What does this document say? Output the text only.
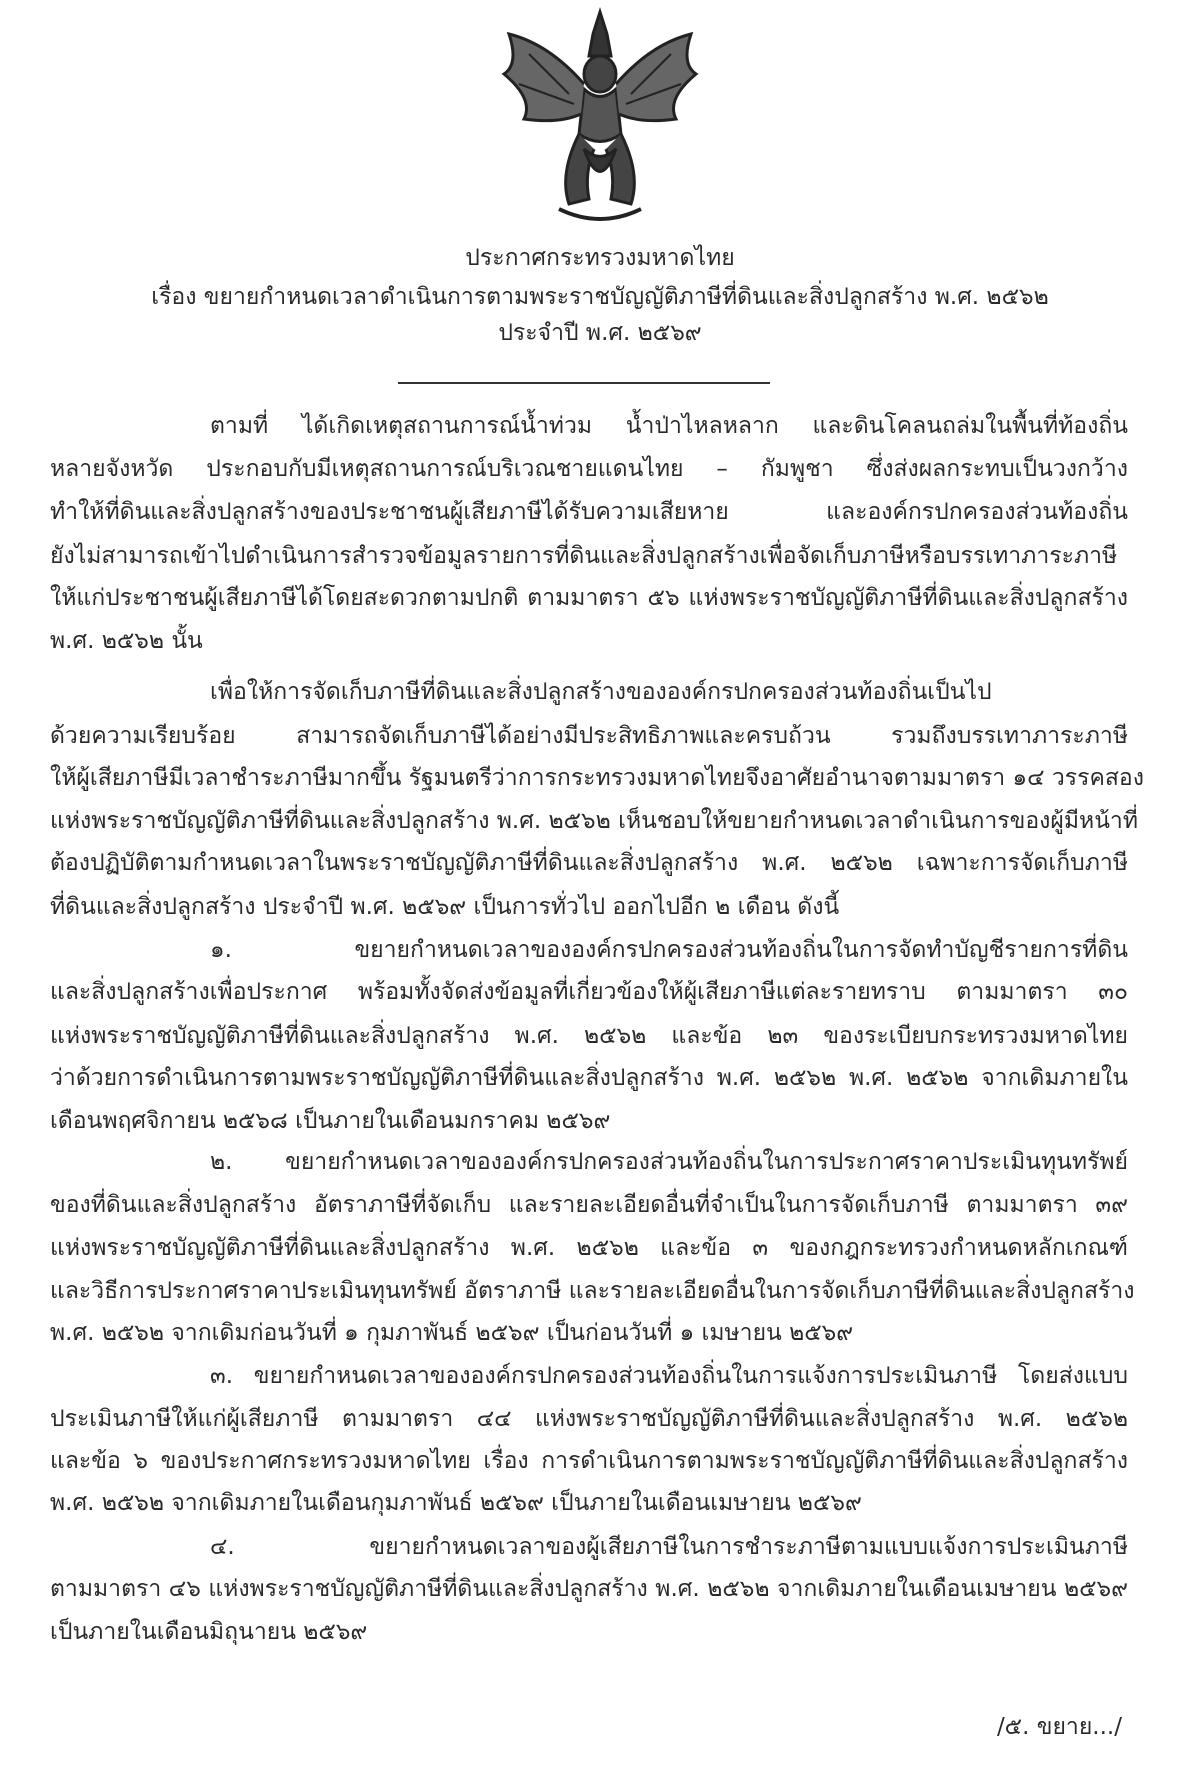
ประกาศกระทรวงมหาดไทย
เรื่อง ขยายกำหนดเวลาดำเนินการตามพระราชบัญญัติภาษีที่ดินและสิ่งปลูกสร้าง พ.ศ. ๒๕๖๒
ประจำปี พ.ศ. ๒๕๖๙
ตามที่ ได้เกิดเหตุสถานการณ์น้ำท่วม น้ำป่าไหลหลาก และดินโคลนถล่มในพื้นที่ท้องถิ่น
หลายจังหวัด ประกอบกับมีเหตุสถานการณ์บริเวณชายแดนไทย – กัมพูชา ซึ่งส่งผลกระทบเป็นวงกว้าง
ทำให้ที่ดินและสิ่งปลูกสร้างของประชาชนผู้เสียภาษีได้รับความเสียหาย และองค์กรปกครองส่วนท้องถิ่น
ยังไม่สามารถเข้าไปดำเนินการสำรวจข้อมูลรายการที่ดินและสิ่งปลูกสร้างเพื่อจัดเก็บภาษีหรือบรรเทาภาระภาษี
ให้แก่ประชาชนผู้เสียภาษีได้โดยสะดวกตามปกติ ตามมาตรา ๕๖ แห่งพระราชบัญญัติภาษีที่ดินและสิ่งปลูกสร้าง
พ.ศ. ๒๕๖๒ นั้น
เพื่อให้การจัดเก็บภาษีที่ดินและสิ่งปลูกสร้างขององค์กรปกครองส่วนท้องถิ่นเป็นไป
ด้วยความเรียบร้อย สามารถจัดเก็บภาษีได้อย่างมีประสิทธิภาพและครบถ้วน รวมถึงบรรเทาภาระภาษี
ให้ผู้เสียภาษีมีเวลาชำระภาษีมากขึ้น รัฐมนตรีว่าการกระทรวงมหาดไทยจึงอาศัยอำนาจตามมาตรา ๑๔ วรรคสอง
แห่งพระราชบัญญัติภาษีที่ดินและสิ่งปลูกสร้าง พ.ศ. ๒๕๖๒ เห็นชอบให้ขยายกำหนดเวลาดำเนินการของผู้มีหน้าที่
ต้องปฏิบัติตามกำหนดเวลาในพระราชบัญญัติภาษีที่ดินและสิ่งปลูกสร้าง พ.ศ. ๒๕๖๒ เฉพาะการจัดเก็บภาษี
ที่ดินและสิ่งปลูกสร้าง ประจำปี พ.ศ. ๒๕๖๙ เป็นการทั่วไป ออกไปอีก ๒ เดือน ดังนี้
๑. ขยายกำหนดเวลาขององค์กรปกครองส่วนท้องถิ่นในการจัดทำบัญชีรายการที่ดิน
และสิ่งปลูกสร้างเพื่อประกาศ พร้อมทั้งจัดส่งข้อมูลที่เกี่ยวข้องให้ผู้เสียภาษีแต่ละรายทราบ ตามมาตรา ๓๐
แห่งพระราชบัญญัติภาษีที่ดินและสิ่งปลูกสร้าง พ.ศ. ๒๕๖๒ และข้อ ๒๓ ของระเบียบกระทรวงมหาดไทย
ว่าด้วยการดำเนินการตามพระราชบัญญัติภาษีที่ดินและสิ่งปลูกสร้าง พ.ศ. ๒๕๖๒ พ.ศ. ๒๕๖๒ จากเดิมภายใน
เดือนพฤศจิกายน ๒๕๖๘ เป็นภายในเดือนมกราคม ๒๕๖๙
๒. ขยายกำหนดเวลาขององค์กรปกครองส่วนท้องถิ่นในการประกาศราคาประเมินทุนทรัพย์
ของที่ดินและสิ่งปลูกสร้าง อัตราภาษีที่จัดเก็บ และรายละเอียดอื่นที่จำเป็นในการจัดเก็บภาษี ตามมาตรา ๓๙
แห่งพระราชบัญญัติภาษีที่ดินและสิ่งปลูกสร้าง พ.ศ. ๒๕๖๒ และข้อ ๓ ของกฎกระทรวงกำหนดหลักเกณฑ์
และวิธีการประกาศราคาประเมินทุนทรัพย์ อัตราภาษี และรายละเอียดอื่นในการจัดเก็บภาษีที่ดินและสิ่งปลูกสร้าง
พ.ศ. ๒๕๖๒ จากเดิมก่อนวันที่ ๑ กุมภาพันธ์ ๒๕๖๙ เป็นก่อนวันที่ ๑ เมษายน ๒๕๖๙
๓. ขยายกำหนดเวลาขององค์กรปกครองส่วนท้องถิ่นในการแจ้งการประเมินภาษี โดยส่งแบบ
ประเมินภาษีให้แก่ผู้เสียภาษี ตามมาตรา ๔๔ แห่งพระราชบัญญัติภาษีที่ดินและสิ่งปลูกสร้าง พ.ศ. ๒๕๖๒
และข้อ ๖ ของประกาศกระทรวงมหาดไทย เรื่อง การดำเนินการตามพระราชบัญญัติภาษีที่ดินและสิ่งปลูกสร้าง
พ.ศ. ๒๕๖๒ จากเดิมภายในเดือนกุมภาพันธ์ ๒๕๖๙ เป็นภายในเดือนเมษายน ๒๕๖๙
๔. ขยายกำหนดเวลาของผู้เสียภาษีในการชำระภาษีตามแบบแจ้งการประเมินภาษี
ตามมาตรา ๔๖ แห่งพระราชบัญญัติภาษีที่ดินและสิ่งปลูกสร้าง พ.ศ. ๒๕๖๒ จากเดิมภายในเดือนเมษายน ๒๕๖๙
เป็นภายในเดือนมิถุนายน ๒๕๖๙
/๕. ขยาย.../
